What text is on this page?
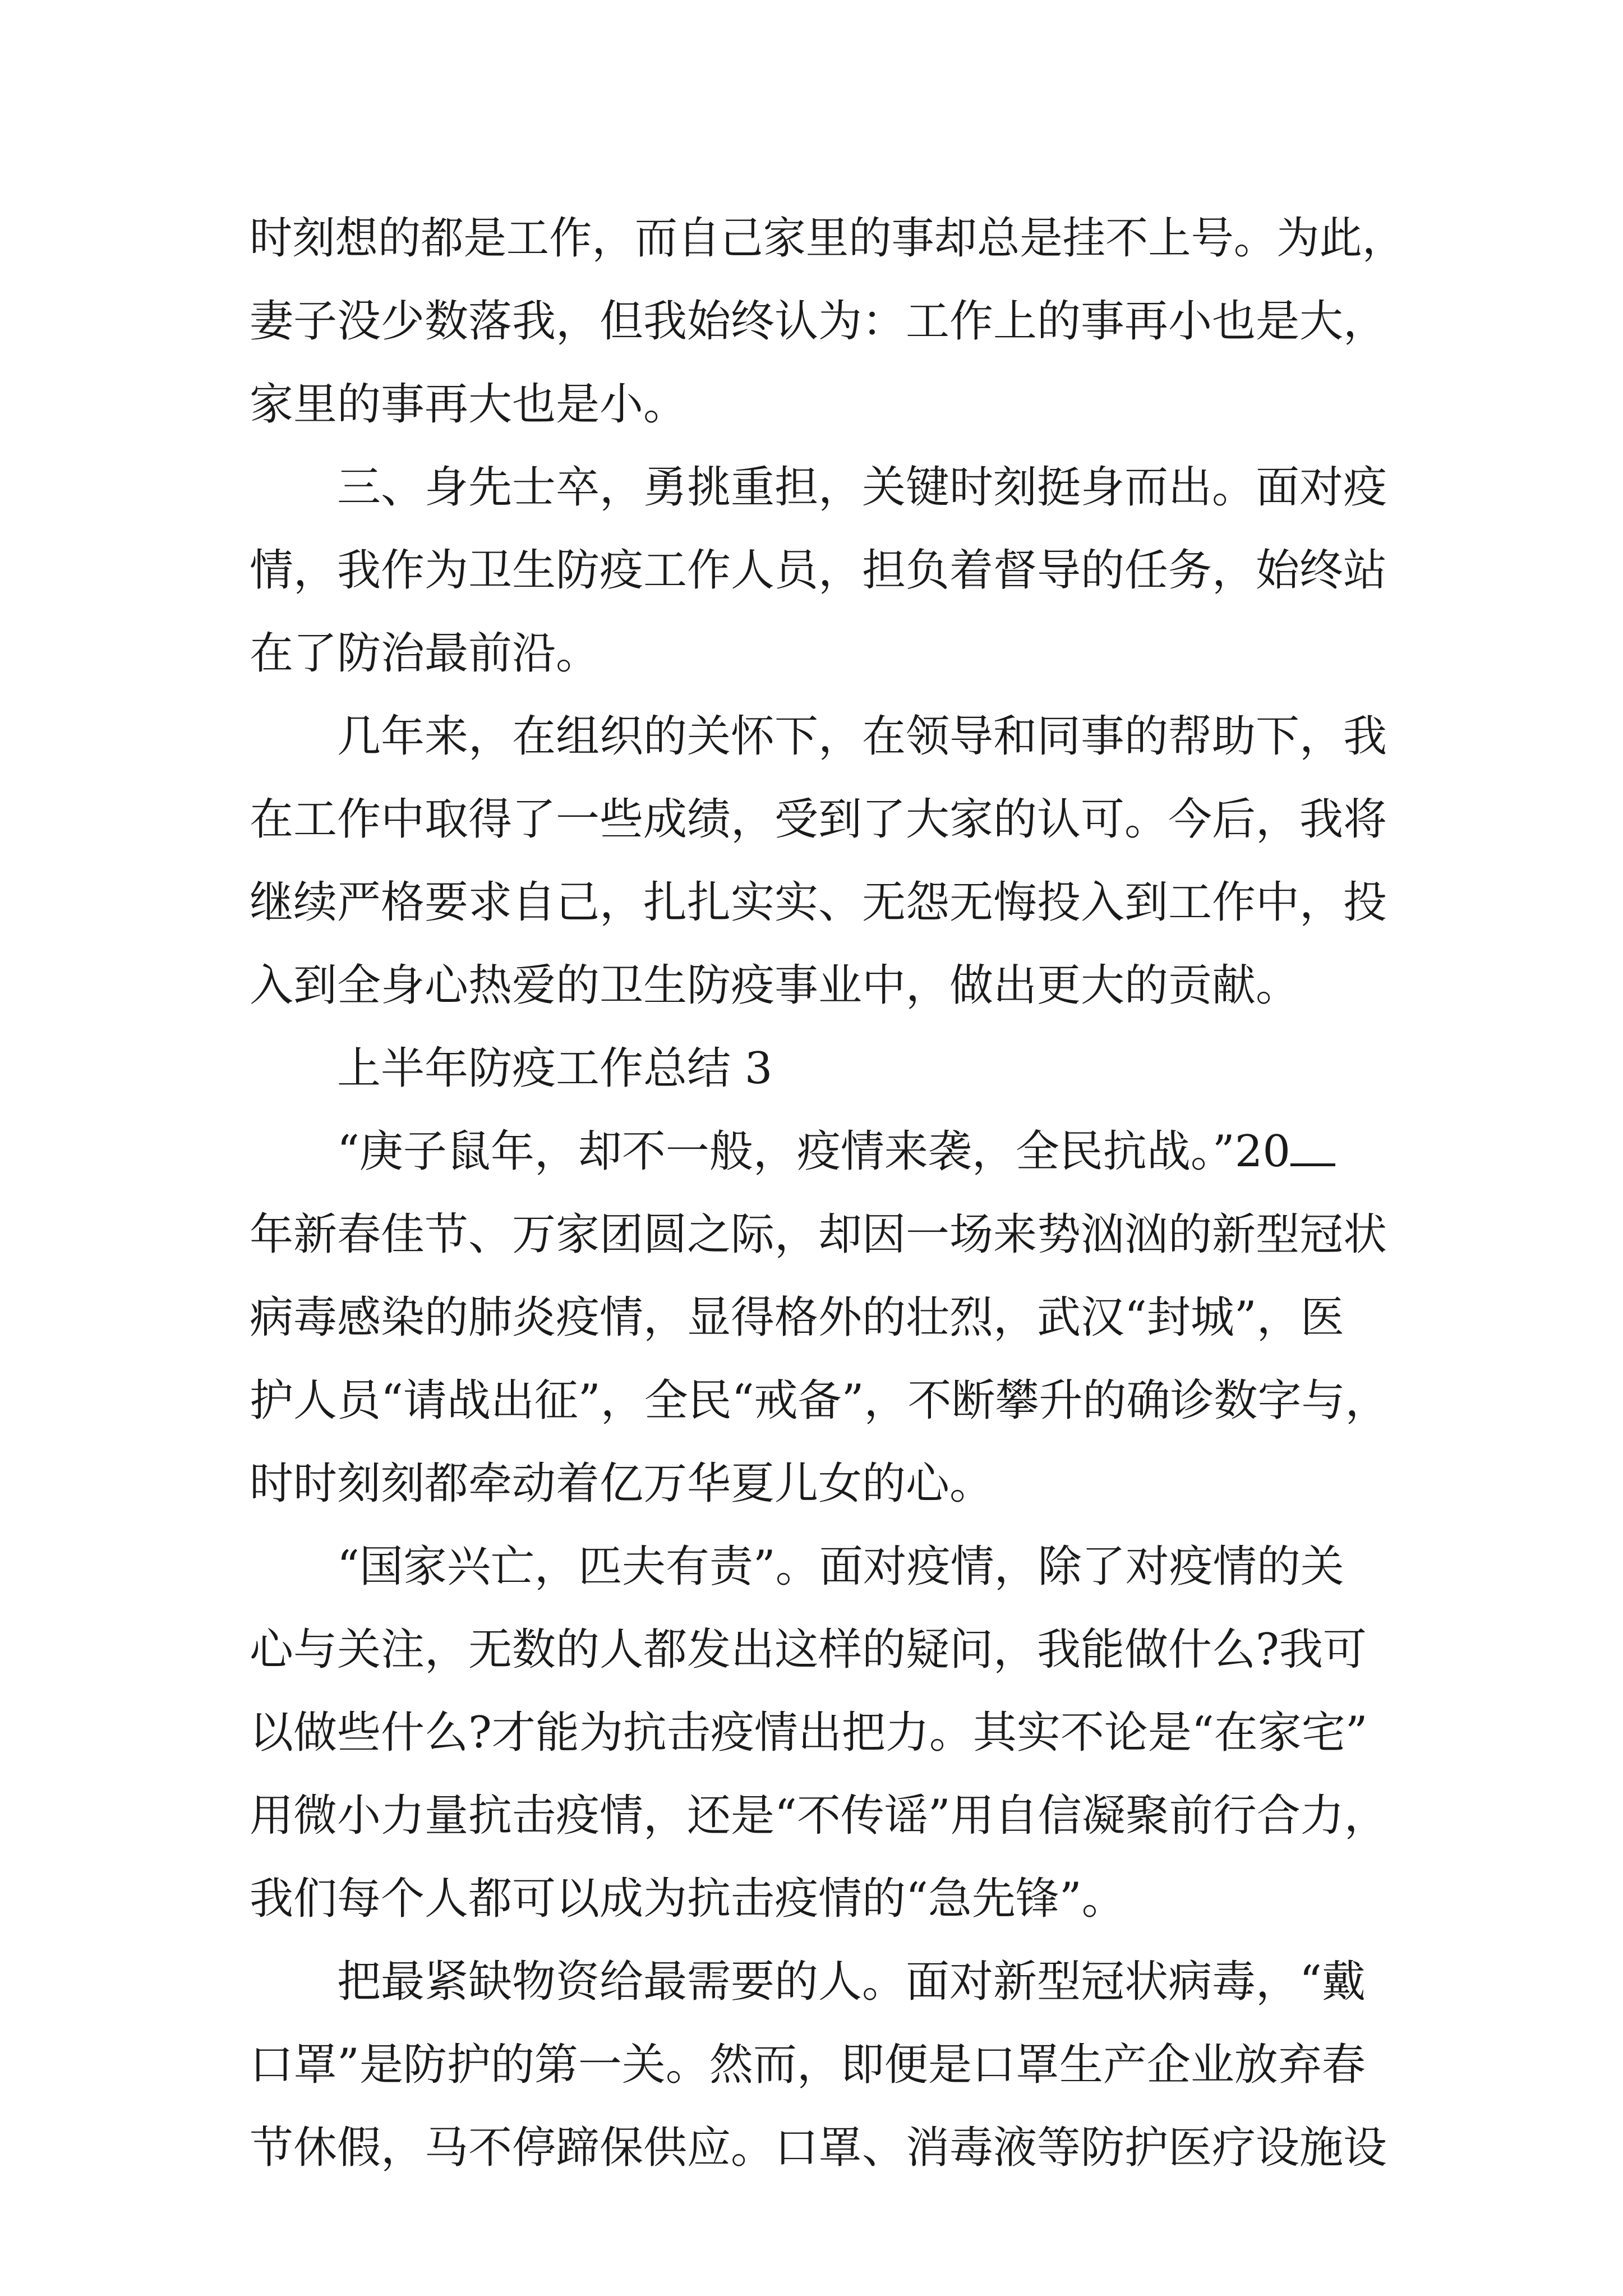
时刻想的都是工作，而自己家里的事却总是挂不上号。为此，
妻子没少数落我，但我始终认为：工作上的事再小也是大，
家里的事再大也是小。
　　三、身先士卒，勇挑重担，关键时刻挺身而出。面对疫
情，我作为卫生防疫工作人员，担负着督导的任务，始终站
在了防治最前沿。
　　几年来，在组织的关怀下，在领导和同事的帮助下，我
在工作中取得了一些成绩，受到了大家的认可。今后，我将
继续严格要求自己，扎扎实实、无怨无悔投入到工作中，投
入到全身心热爱的卫生防疫事业中，做出更大的贡献。
　　上半年防疫工作总结 3
　　“庚子鼠年，却不一般，疫情来袭，全民抗战。”20
年新春佳节、万家团圆之际，却因一场来势汹汹的新型冠状
病毒感染的肺炎疫情，显得格外的壮烈，武汉“封城”，医
护人员“请战出征”，全民“戒备”，不断攀升的确诊数字与，
时时刻刻都牵动着亿万华夏儿女的心。
　　“国家兴亡，匹夫有责”。面对疫情，除了对疫情的关
心与关注，无数的人都发出这样的疑问，我能做什么?我可
以做些什么?才能为抗击疫情出把力。其实不论是“在家宅”
用微小力量抗击疫情，还是“不传谣”用自信凝聚前行合力，
我们每个人都可以成为抗击疫情的“急先锋”。
　　把最紧缺物资给最需要的人。面对新型冠状病毒，“戴
口罩”是防护的第一关。然而，即便是口罩生产企业放弃春
节休假，马不停蹄保供应。口罩、消毒液等防护医疗设施设
